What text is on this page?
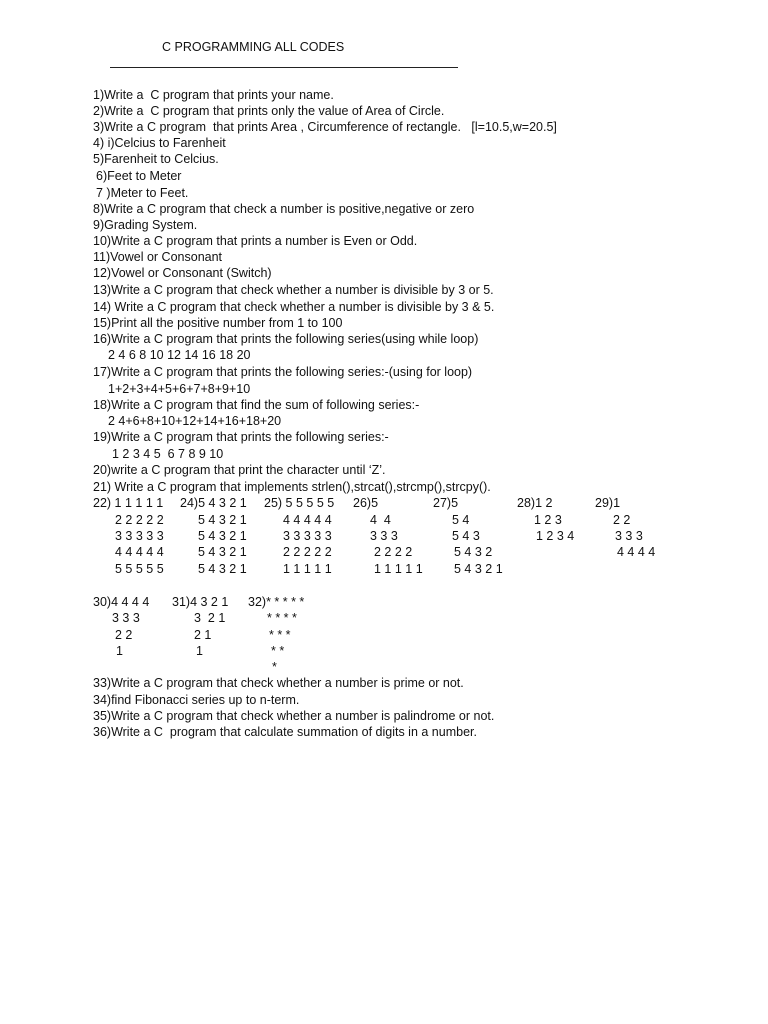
C PROGRAMMING ALL CODES
1)Write a  C program that prints your name.
2)Write a  C program that prints only the value of Area of Circle.
3)Write a C program  that prints Area , Circumference of rectangle.   [l=10.5,w=20.5]
4) i)Celcius to Farenheit
5)Farenheit to Celcius.
6)Feet to Meter
7 )Meter to Feet.
8)Write a C program that check a number is positive,negative or zero
9)Grading System.
10)Write a C program that prints a number is Even or Odd.
11)Vowel or Consonant
12)Vowel or Consonant (Switch)
13)Write a C program that check whether a number is divisible by 3 or 5.
14) Write a C program that check whether a number is divisible by 3 & 5.
15)Print all the positive number from 1 to 100
16)Write a C program that prints the following series(using while loop)
2 4 6 8 10 12 14 16 18 20
17)Write a C program that prints the following series:-(using for loop)
1+2+3+4+5+6+7+8+9+10
18)Write a C program that find the sum of following series:-
2 4+6+8+10+12+14+16+18+20
19)Write a C program that prints the following series:-
1 2 3 4 5  6 7 8 9 10
20)write a C program that print the character until ‘Z’.
21) Write a C program that implements strlen(),strcat(),strcmp(),strcpy().
22) 1 1 1 1 1 24)5 4 3 2 1 25) 5 5 5 5 5 26)5	27)5	28)1 2	29)1
2 2 2 2 2	5 4 3 2 1	4 4 4 4 4	4  4	5 4	1 2 3	2 2
3 3 3 3 3	5 4 3 2 1	3 3 3 3 3	3 3 3	5 4 3	1 2 3 4	3 3 3
4 4 4 4 4	5 4 3 2 1	2 2 2 2 2	2 2 2 2	5 4 3 2	4 4 4 4
5 5 5 5 5	5 4 3 2 1	1 1 1 1 1	1 1 1 1 1	5 4 3 2 1
30)4 4 4 4 31)4 3 2 1 32)* * * * *
3 3 3	3  2 1	* * * *
2 2	2 1	* * *
1	1	* *
*
33)Write a C program that check whether a number is prime or not.
34)find Fibonacci series up to n-term.
35)Write a C program that check whether a number is palindrome or not.
36)Write a C  program that calculate summation of digits in a number.
